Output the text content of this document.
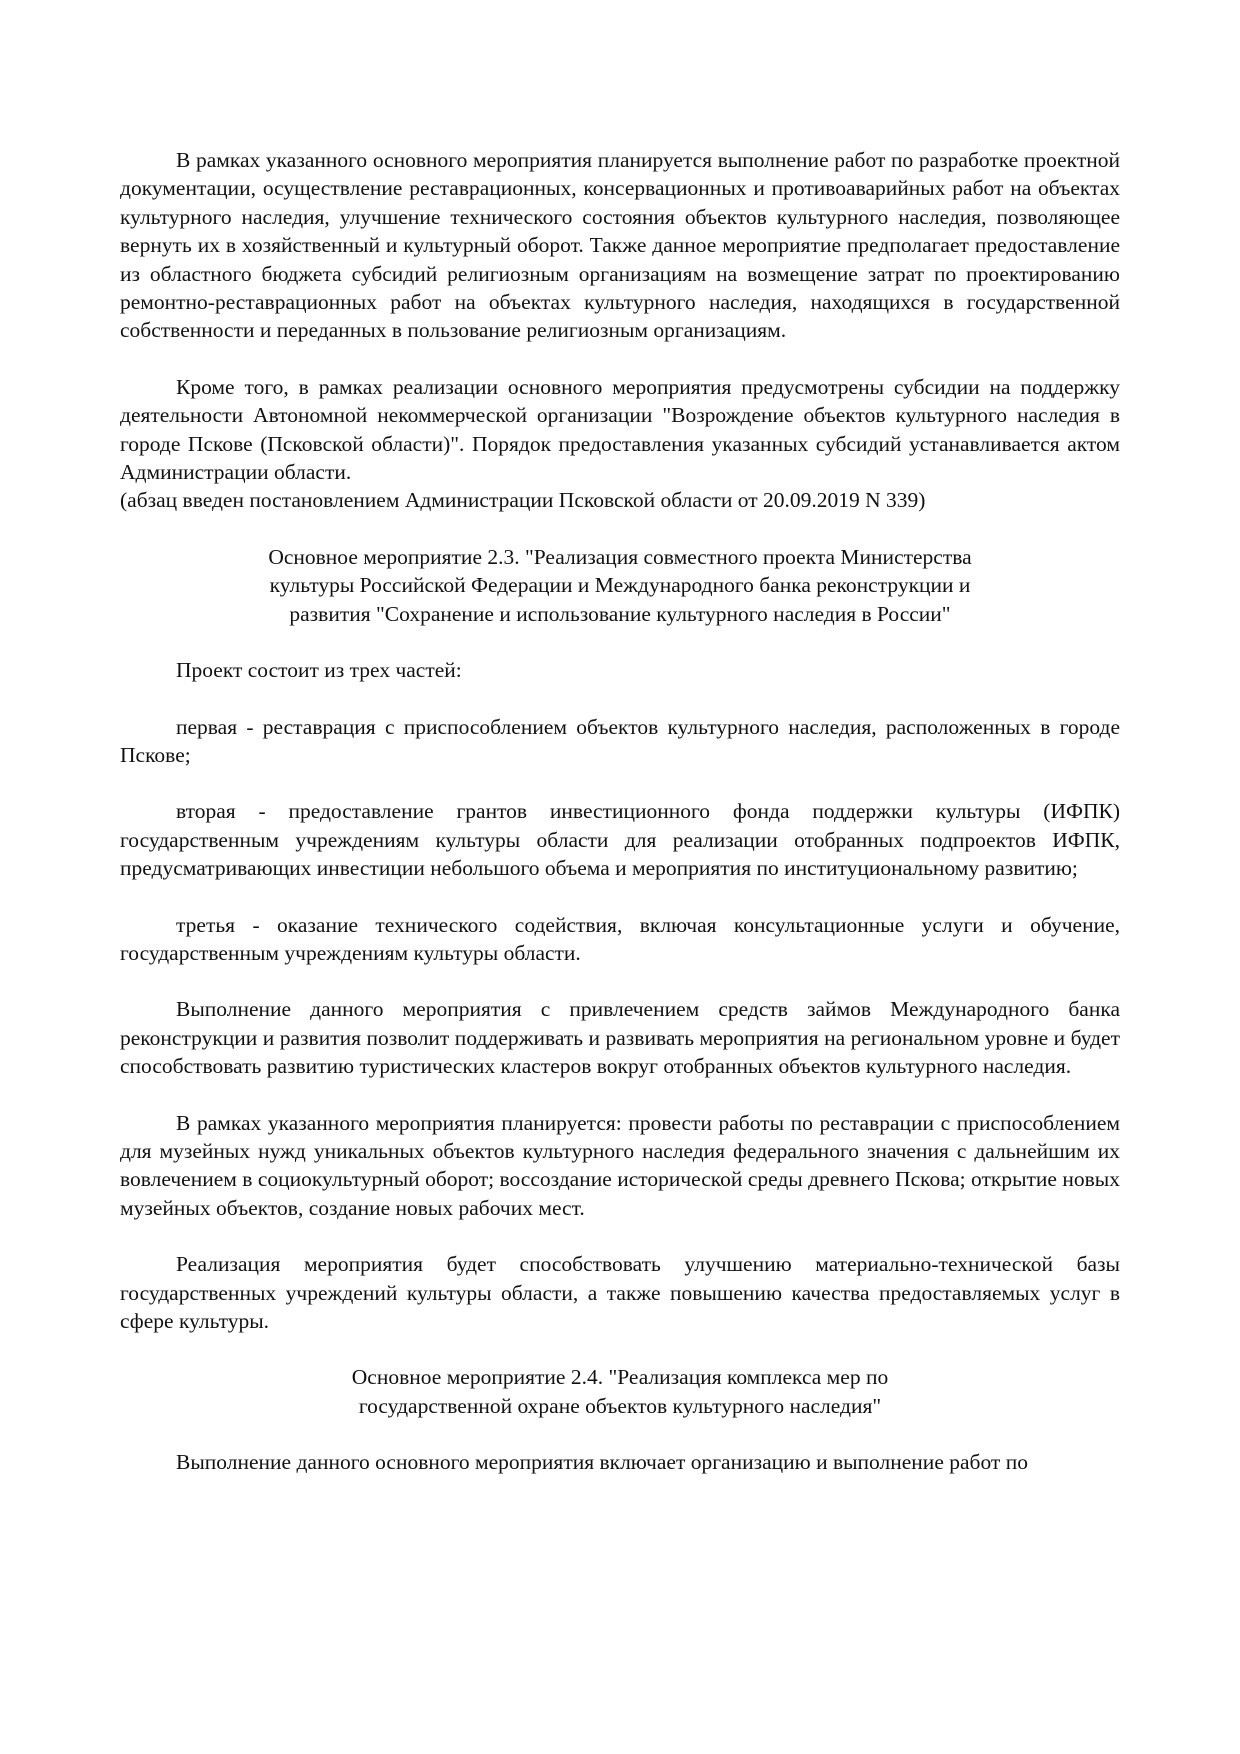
В рамках указанного основного мероприятия планируется выполнение работ по разработке проектной документации, осуществление реставрационных, консервационных и противоаварийных работ на объектах культурного наследия, улучшение технического состояния объектов культурного наследия, позволяющее вернуть их в хозяйственный и культурный оборот. Также данное мероприятие предполагает предоставление из областного бюджета субсидий религиозным организациям на возмещение затрат по проектированию ремонтно-реставрационных работ на объектах культурного наследия, находящихся в государственной собственности и переданных в пользование религиозным организациям.

Кроме того, в рамках реализации основного мероприятия предусмотрены субсидии на поддержку деятельности Автономной некоммерческой организации "Возрождение объектов культурного наследия в городе Пскове (Псковской области)". Порядок предоставления указанных субсидий устанавливается актом Администрации области.

(абзац введен постановлением Администрации Псковской области от 20.09.2019 N 339)

Основное мероприятие 2.3. "Реализация совместного проекта Министерства культуры Российской Федерации и Международного банка реконструкции и развития "Сохранение и использование культурного наследия в России"

Проект состоит из трех частей:

первая - реставрация с приспособлением объектов культурного наследия, расположенных в городе Пскове;

вторая - предоставление грантов инвестиционного фонда поддержки культуры (ИФПК) государственным учреждениям культуры области для реализации отобранных подпроектов ИФПК, предусматривающих инвестиции небольшого объема и мероприятия по институциональному развитию;

третья - оказание технического содействия, включая консультационные услуги и обучение, государственным учреждениям культуры области.

Выполнение данного мероприятия с привлечением средств займов Международного банка реконструкции и развития позволит поддерживать и развивать мероприятия на региональном уровне и будет способствовать развитию туристических кластеров вокруг отобранных объектов культурного наследия.

В рамках указанного мероприятия планируется: провести работы по реставрации с приспособлением для музейных нужд уникальных объектов культурного наследия федерального значения с дальнейшим их вовлечением в социокультурный оборот; воссоздание исторической среды древнего Пскова; открытие новых музейных объектов, создание новых рабочих мест.

Реализация мероприятия будет способствовать улучшению материально-технической базы государственных учреждений культуры области, а также повышению качества предоставляемых услуг в сфере культуры.

Основное мероприятие 2.4. "Реализация комплекса мер по государственной охране объектов культурного наследия"

Выполнение данного основного мероприятия включает организацию и выполнение работ по
